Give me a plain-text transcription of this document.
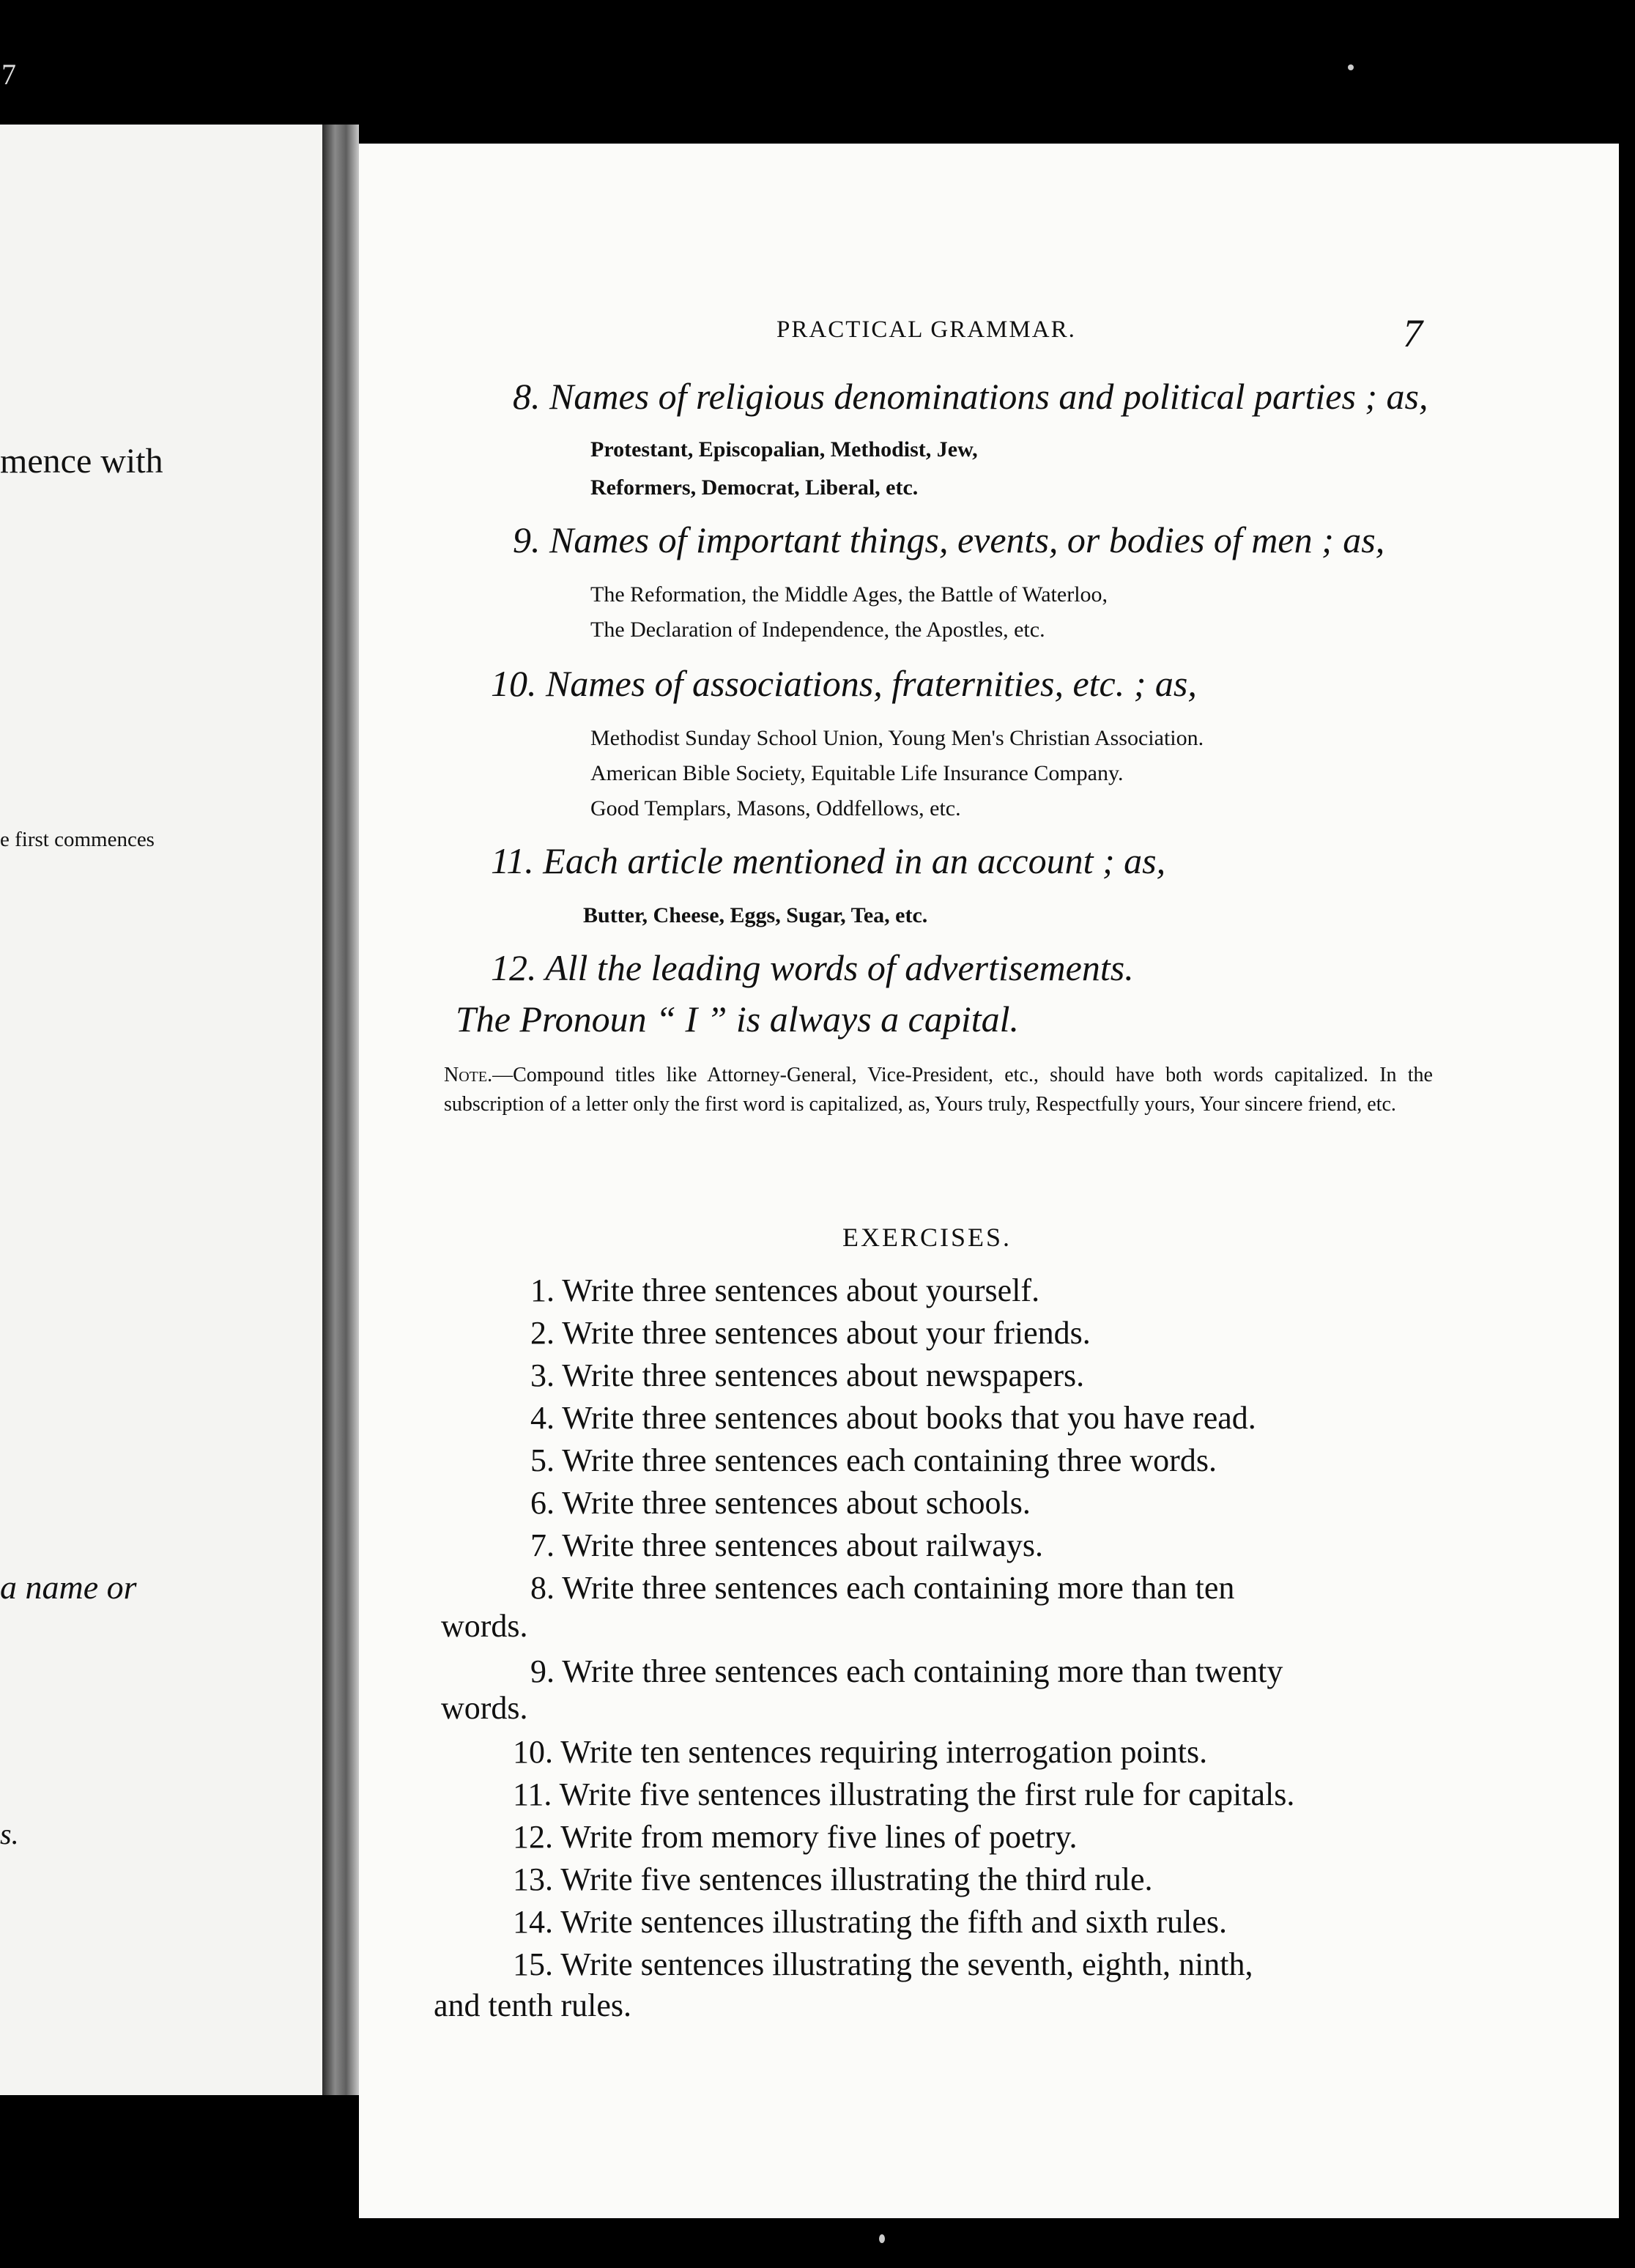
7
mence with
e first commences
a name or
s.
PRACTICAL GRAMMAR.	7
8. Names of religious denominations and political parties ; as,
Protestant, Episcopalian, Methodist, Jew,
Reformers, Democrat, Liberal, etc.
9. Names of important things, events, or bodies of men ; as,
The Reformation, the Middle Ages, the Battle of Waterloo,
The Declaration of Independence, the Apostles, etc.
10. Names of associations, fraternities, etc. ; as,
Methodist Sunday School Union, Young Men's Christian Association.
American Bible Society, Equitable Life Insurance Company.
Good Templars, Masons, Oddfellows, etc.
11. Each article mentioned in an account ; as,
Butter, Cheese, Eggs, Sugar, Tea, etc.
12. All the leading words of advertisements.
The Pronoun “ I ” is always a capital.
Note.—Compound titles like Attorney-General, Vice-President, etc., should have both words capitalized. In the subscription of a letter only the first word is capitalized, as, Yours truly, Respectfully yours, Your sincere friend, etc.
EXERCISES.
1. Write three sentences about yourself.
2. Write three sentences about your friends.
3. Write three sentences about newspapers.
4. Write three sentences about books that you have read.
5. Write three sentences each containing three words.
6. Write three sentences about schools.
7. Write three sentences about railways.
8. Write three sentences each containing more than ten
words.
9. Write three sentences each containing more than twenty
words.
10. Write ten sentences requiring interrogation points.
11. Write five sentences illustrating the first rule for capitals.
12. Write from memory five lines of poetry.
13. Write five sentences illustrating the third rule.
14. Write sentences illustrating the fifth and sixth rules.
15. Write sentences illustrating the seventh, eighth, ninth,
and tenth rules.
